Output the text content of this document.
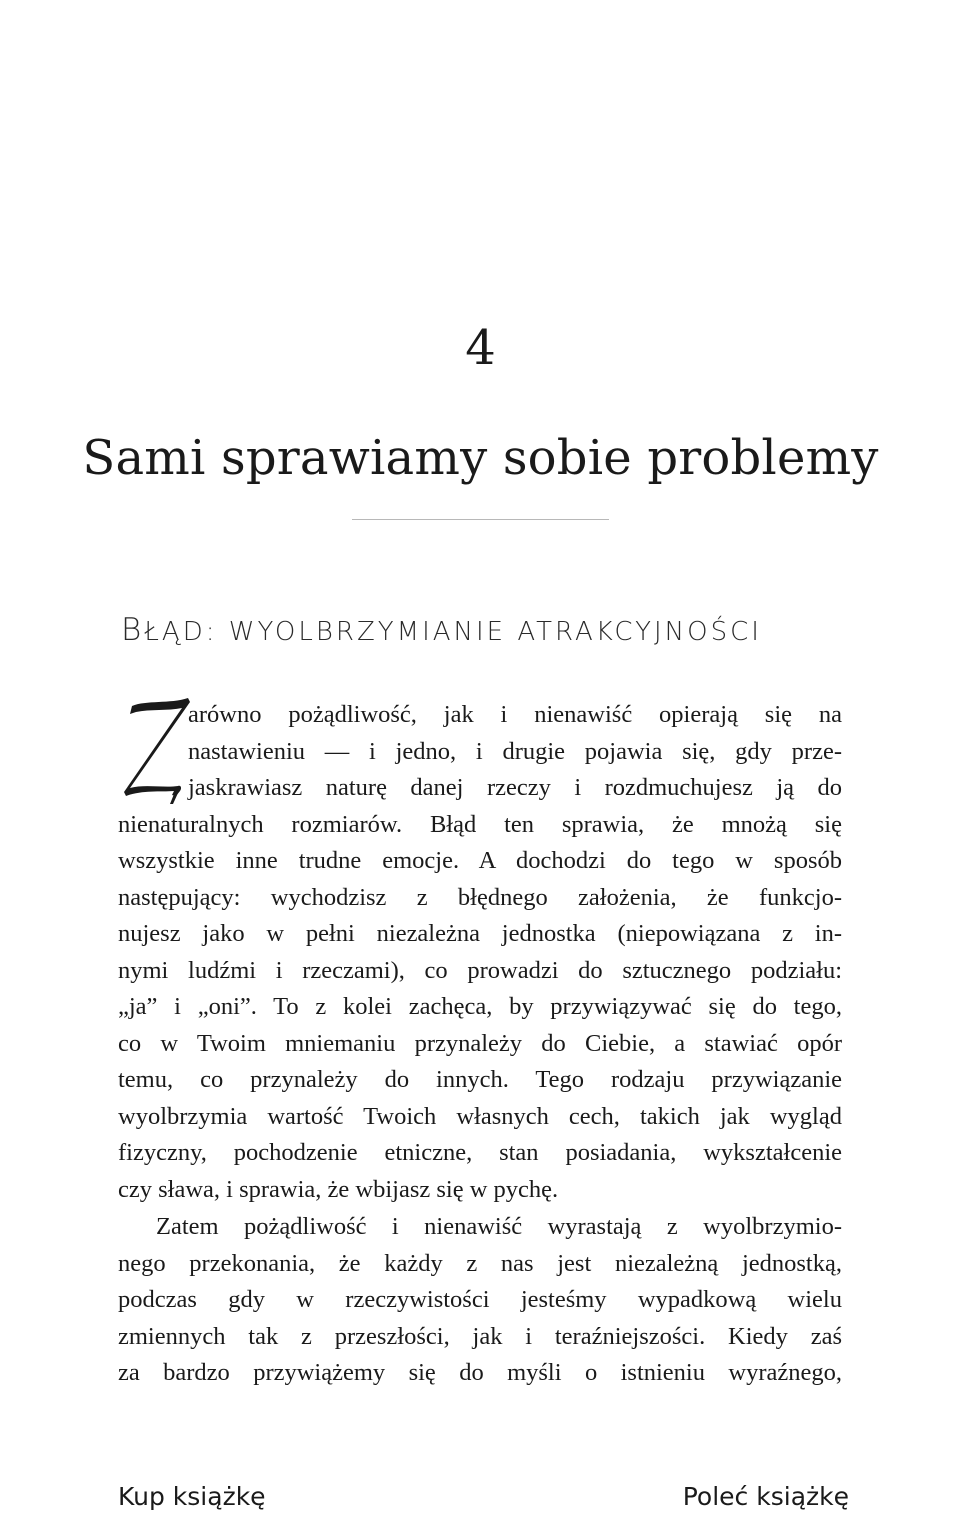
4
Sami sprawiamy sobie problemy
BŁĄD: WYOLBRZYMIANIE ATRAKCYJNOŚCI
arówno pożądliwość, jak i nienawiść opierają się na
nastawieniu — i jedno, i drugie pojawia się, gdy prze-
jaskrawiasz naturę danej rzeczy i rozdmuchujesz ją do
nienaturalnych rozmiarów. Błąd ten sprawia, że mnożą się
wszystkie inne trudne emocje. A dochodzi do tego w sposób
następujący: wychodzisz z błędnego założenia, że funkcjo-
nujesz jako w pełni niezależna jednostka (niepowiązana z in-
nymi ludźmi i rzeczami), co prowadzi do sztucznego podziału:
„ja” i „oni”. To z kolei zachęca, by przywiązywać się do tego,
co w Twoim mniemaniu przynależy do Ciebie, a stawiać opór
temu, co przynależy do innych. Tego rodzaju przywiązanie
wyolbrzymia wartość Twoich własnych cech, takich jak wygląd
fizyczny, pochodzenie etniczne, stan posiadania, wykształcenie
czy sława, i sprawia, że wbijasz się w pychę.
Zatem pożądliwość i nienawiść wyrastają z wyolbrzymio-
nego przekonania, że każdy z nas jest niezależną jednostką,
podczas gdy w rzeczywistości jesteśmy wypadkową wielu
zmiennych tak z przeszłości, jak i teraźniejszości. Kiedy zaś
za bardzo przywiążemy się do myśli o istnieniu wyraźnego,
Kup książkę	Poleć książkę
